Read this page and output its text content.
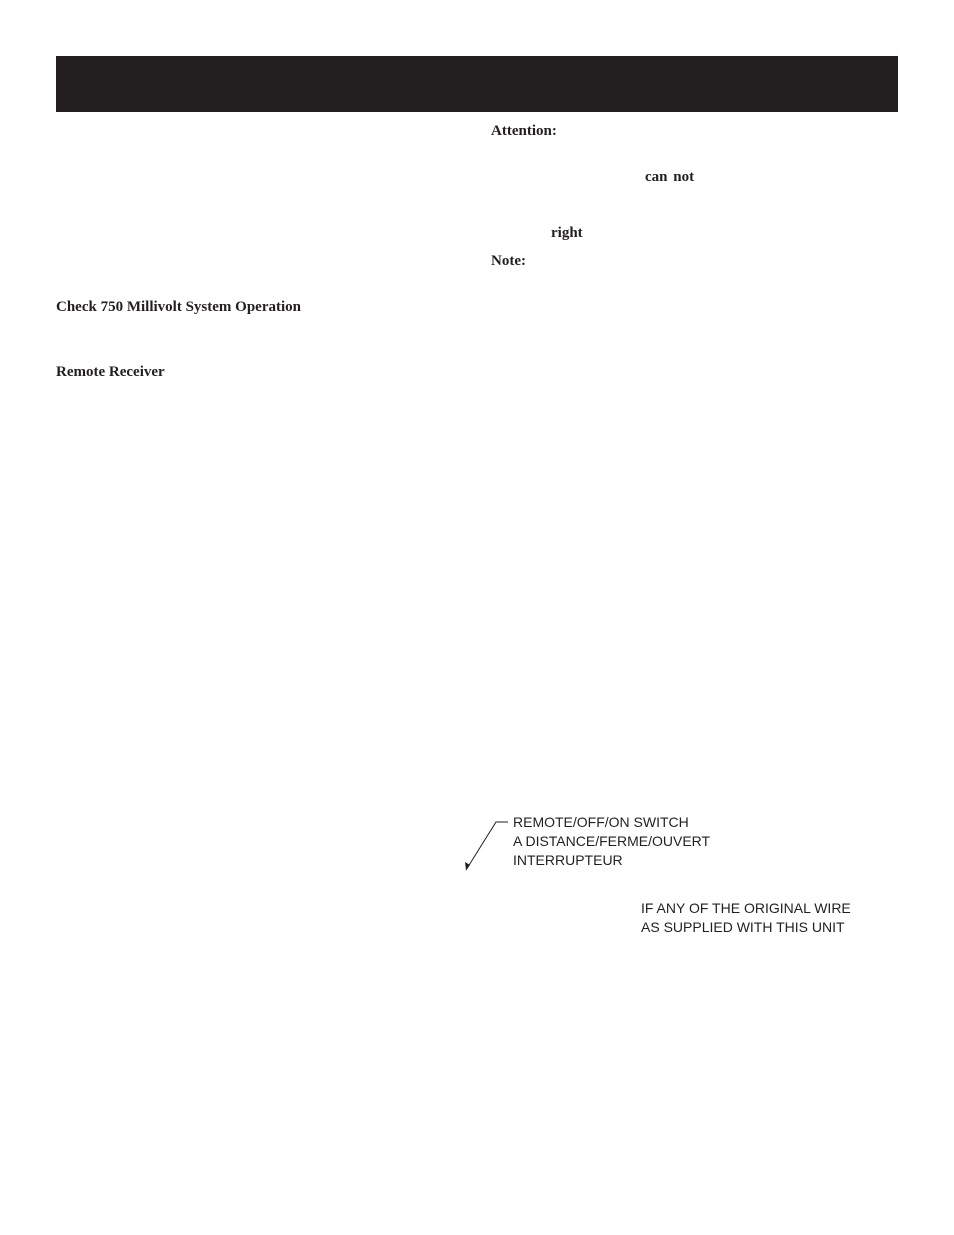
Check 750 Millivolt System Operation

Remote Receiver

Attention:

can not

right

Note:

REMOTE/OFF/ON SWITCH
A DISTANCE/FERME/OUVERT
INTERRUPTEUR
IF ANY OF THE ORIGINAL WIRE
AS SUPPLIED WITH THIS UNIT
